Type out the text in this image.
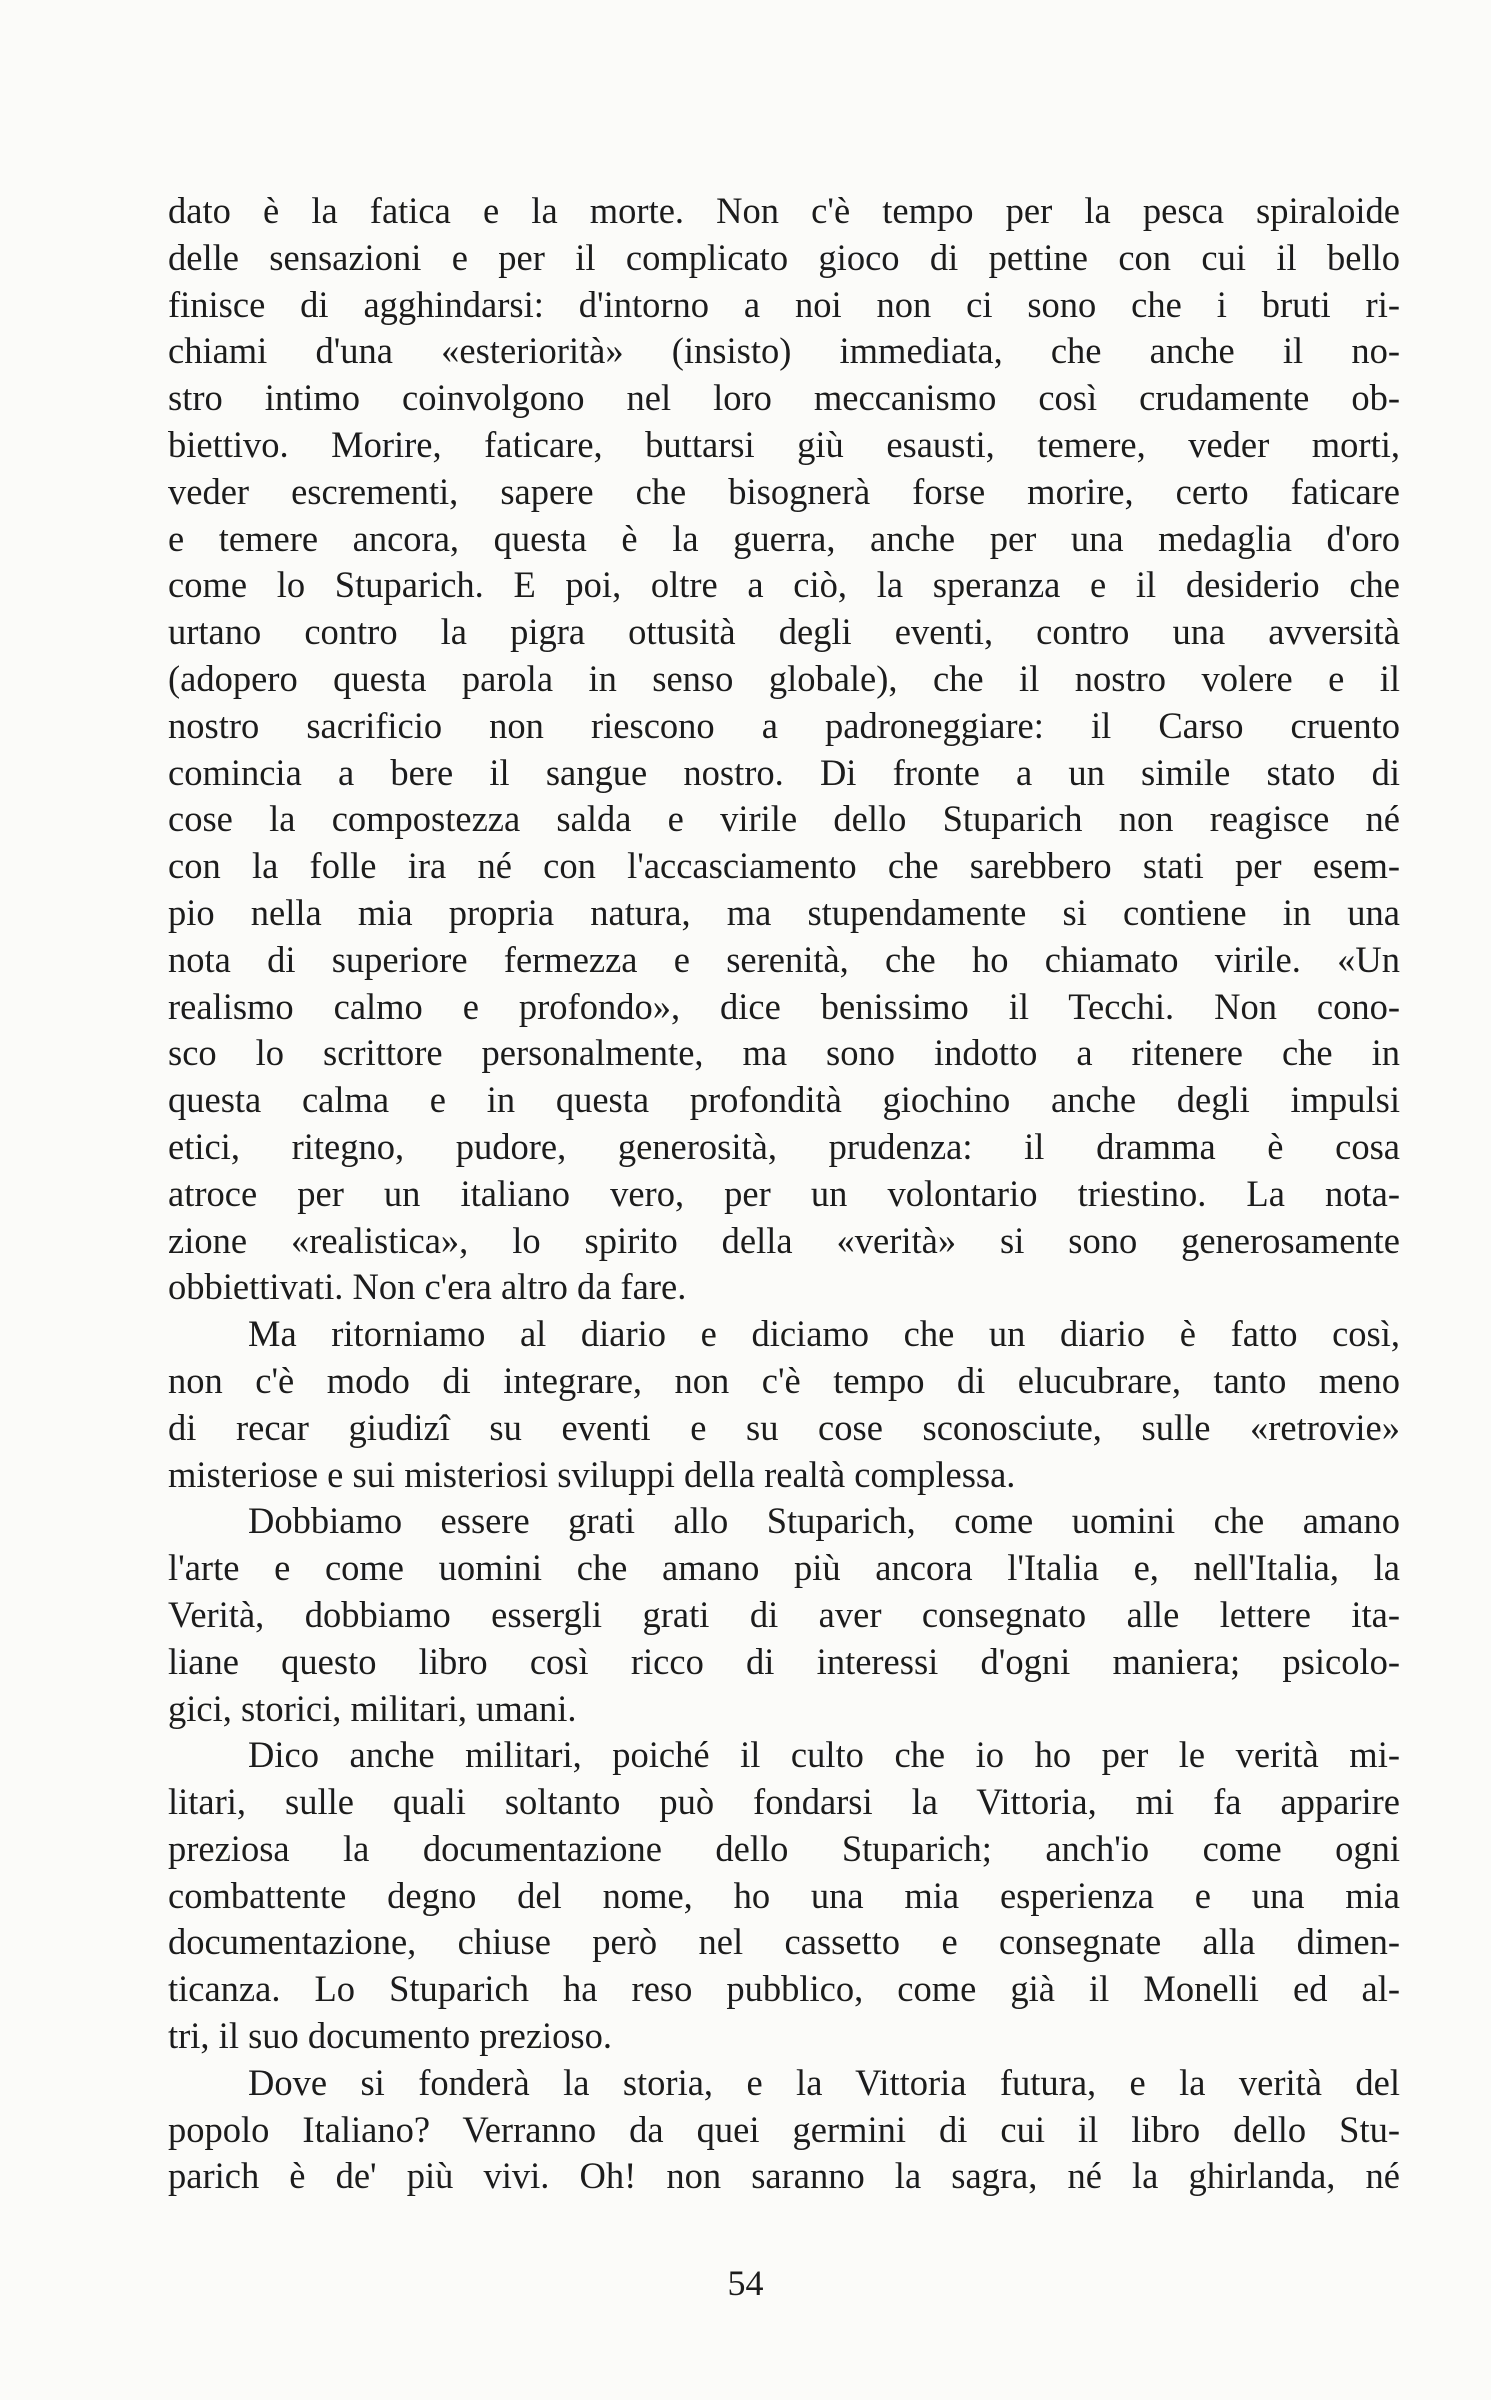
dato è la fatica e la morte. Non c'è tempo per la pesca spiraloide
delle sensazioni e per il complicato gioco di pettine con cui il bello
finisce di agghindarsi: d'intorno a noi non ci sono che i bruti ri-
chiami d'una «esteriorità» (insisto) immediata, che anche il no-
stro intimo coinvolgono nel loro meccanismo così crudamente ob-
biettivo. Morire, faticare, buttarsi giù esausti, temere, veder morti,
veder escrementi, sapere che bisognerà forse morire, certo faticare
e temere ancora, questa è la guerra, anche per una medaglia d'oro
come lo Stuparich. E poi, oltre a ciò, la speranza e il desiderio che
urtano contro la pigra ottusità degli eventi, contro una avversità
(adopero questa parola in senso globale), che il nostro volere e il
nostro sacrificio non riescono a padroneggiare: il Carso cruento
comincia a bere il sangue nostro. Di fronte a un simile stato di
cose la compostezza salda e virile dello Stuparich non reagisce né
con la folle ira né con l'accasciamento che sarebbero stati per esem-
pio nella mia propria natura, ma stupendamente si contiene in una
nota di superiore fermezza e serenità, che ho chiamato virile. «Un
realismo calmo e profondo», dice benissimo il Tecchi. Non cono-
sco lo scrittore personalmente, ma sono indotto a ritenere che in
questa calma e in questa profondità giochino anche degli impulsi
etici, ritegno, pudore, generosità, prudenza: il dramma è cosa
atroce per un italiano vero, per un volontario triestino. La nota-
zione «realistica», lo spirito della «verità» si sono generosamente
obbiettivati. Non c'era altro da fare.
Ma ritorniamo al diario e diciamo che un diario è fatto così,
non c'è modo di integrare, non c'è tempo di elucubrare, tanto meno
di recar giudizî su eventi e su cose sconosciute, sulle «retrovie»
misteriose e sui misteriosi sviluppi della realtà complessa.
Dobbiamo essere grati allo Stuparich, come uomini che amano
l'arte e come uomini che amano più ancora l'Italia e, nell'Italia, la
Verità, dobbiamo essergli grati di aver consegnato alle lettere ita-
liane questo libro così ricco di interessi d'ogni maniera; psicolo-
gici, storici, militari, umani.
Dico anche militari, poiché il culto che io ho per le verità mi-
litari, sulle quali soltanto può fondarsi la Vittoria, mi fa apparire
preziosa la documentazione dello Stuparich; anch'io come ogni
combattente degno del nome, ho una mia esperienza e una mia
documentazione, chiuse però nel cassetto e consegnate alla dimen-
ticanza. Lo Stuparich ha reso pubblico, come già il Monelli ed al-
tri, il suo documento prezioso.
Dove si fonderà la storia, e la Vittoria futura, e la verità del
popolo Italiano? Verranno da quei germini di cui il libro dello Stu-
parich è de' più vivi. Oh! non saranno la sagra, né la ghirlanda, né
54
